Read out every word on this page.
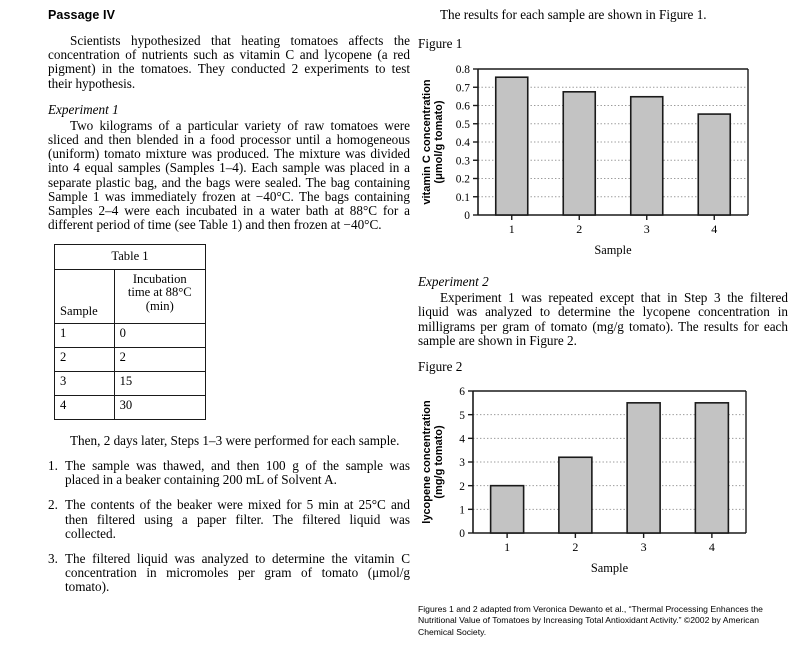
Passage IV

Scientists hypothesized that heating tomatoes affects the concentration of nutrients such as vitamin C and lycopene (a red pigment) in the tomatoes. They conducted 2 experiments to test their hypothesis.

Experiment 1

Two kilograms of a particular variety of raw tomatoes were sliced and then blended in a food processor until a homogeneous (uniform) tomato mixture was produced. The mixture was divided into 4 equal samples (Samples 1–4). Each sample was placed in a separate plastic bag, and the bags were sealed. The bag containing Sample 1 was immediately frozen at −40°C. The bags containing Samples 2–4 were each incubated in a water bath at 88°C for a different period of time (see Table 1) and then frozen at −40°C.

Table 1	
Sample	Incubation
time at 88°C
(min)
1	0
2	2
3	15
4	30

Then, 2 days later, Steps 1–3 were performed for each sample.

1. The sample was thawed, and then 100 g of the sample was placed in a beaker containing 200 mL of Solvent A.
2. The contents of the beaker were mixed for 5 min at 25°C and then filtered using a paper filter. The filtered liquid was collected.
3. The filtered liquid was analyzed to determine the vitamin C concentration in micromoles per gram of tomato (μmol/g tomato).

The results for each sample are shown in Figure 1.

Figure 1
0
0.1
0.2
0.3
0.4
0.5
0.6
0.7
0.8
1	2	3	4
Sample
vitamin C concentration (μmol/g tomato)
Experiment 2

Experiment 1 was repeated except that in Step 3 the filtered liquid was analyzed to determine the lycopene concentration in milligrams per gram of tomato (mg/g tomato). The results for each sample are shown in Figure 2.

Figure 2
0
1
2
3
4
5
6
1	2	3	4
Sample
lycopene concentration (mg/g tomato)
Figures 1 and 2 adapted from Veronica Dewanto et al., “Thermal Processing Enhances the Nutritional Value of Tomatoes by Increasing Total Antioxidant Activity.” ©2002 by American Chemical Society.
